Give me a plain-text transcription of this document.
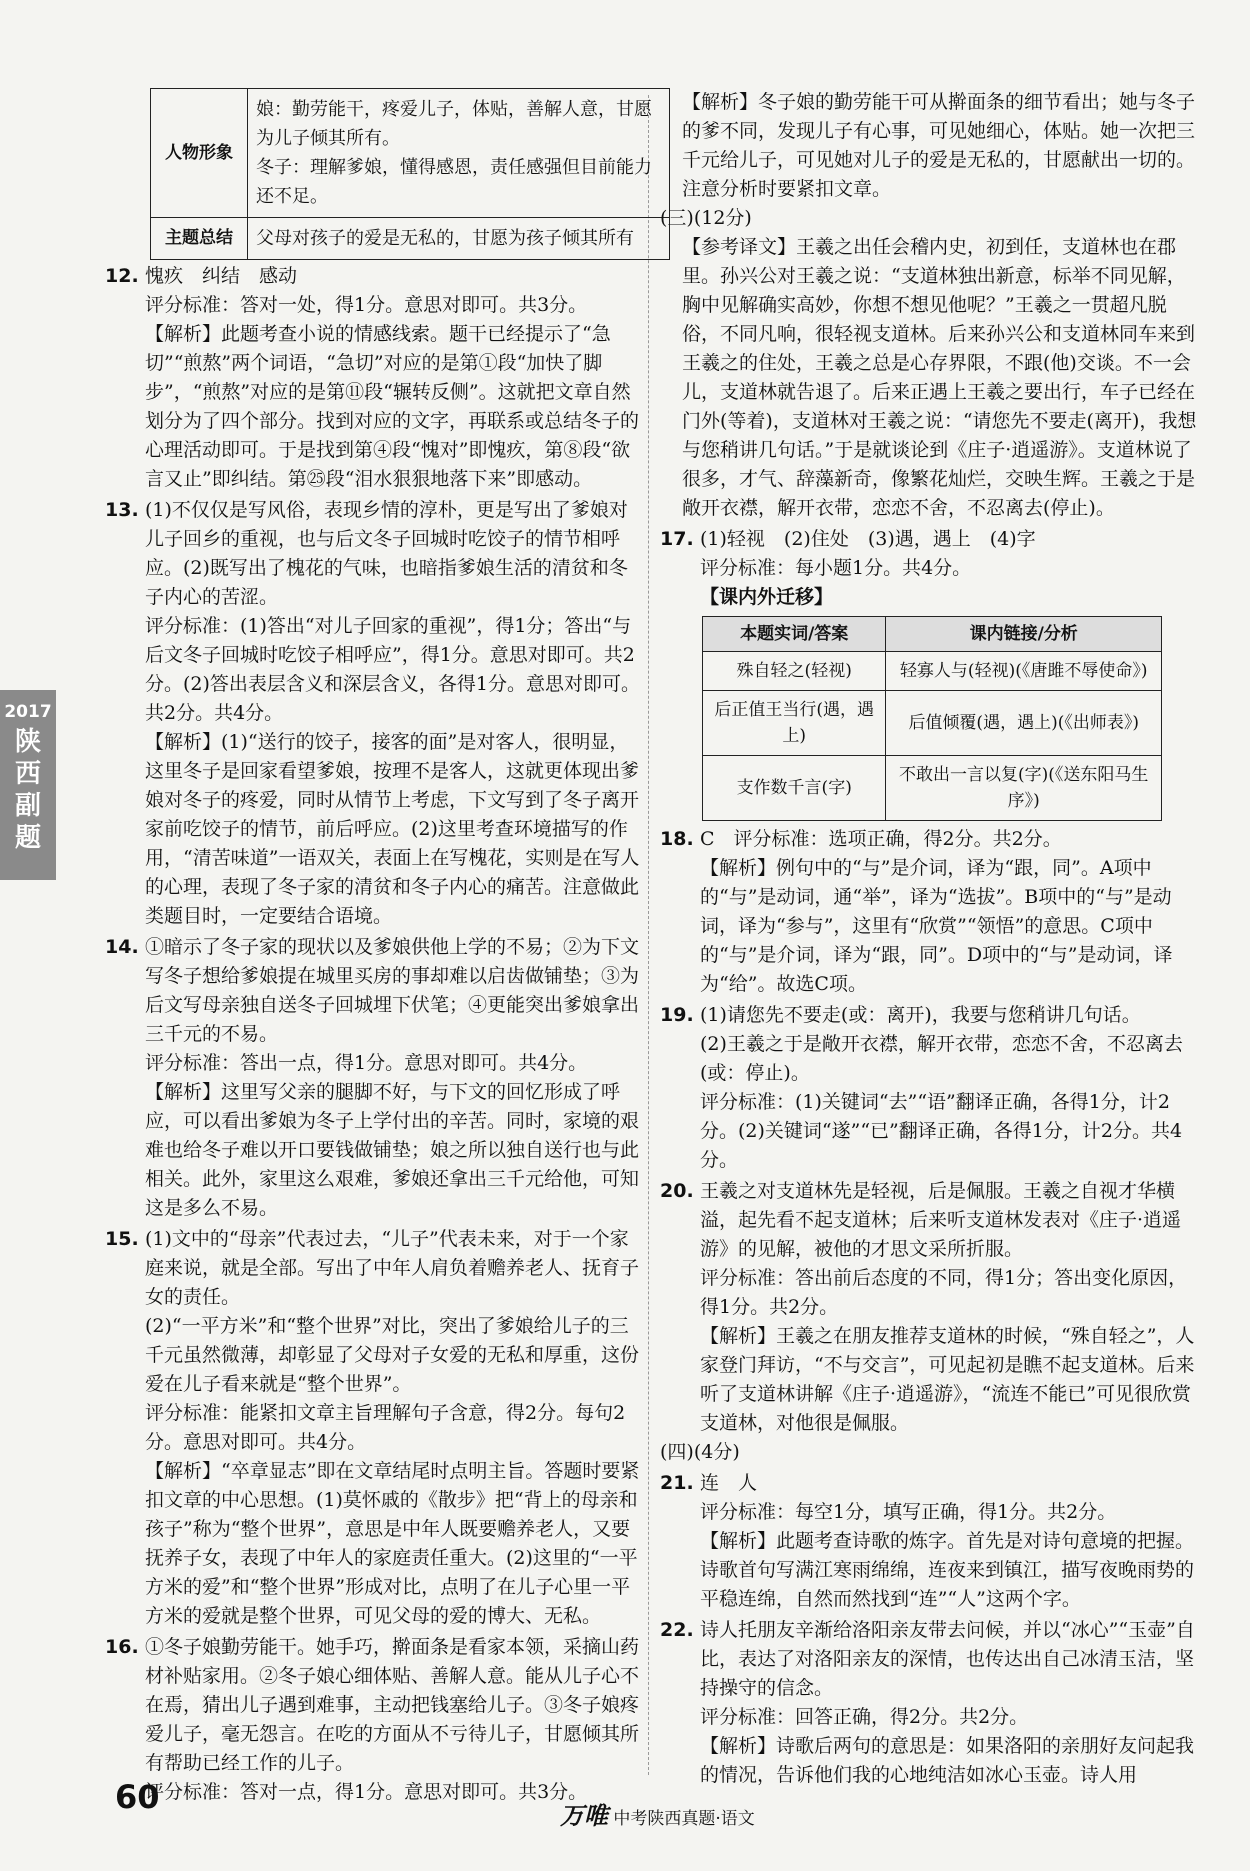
2017
陕
西
副
题
人物形象	娘：勤劳能干，疼爱儿子，体贴，善解人意，甘愿为儿子倾其所有。

冬子：理解爹娘，懂得感恩，责任感强但目前能力还不足。

主题总结	父母对孩子的爱是无私的，甘愿为孩子倾其所有
12. 愧疚　纠结　感动

评分标准：答对一处，得1分。意思对即可。共3分。

【解析】此题考查小说的情感线索。题干已经提示了“急切”“煎熬”两个词语，“急切”对应的是第①段“加快了脚步”，“煎熬”对应的是第⑪段“辗转反侧”。这就把文章自然划分为了四个部分。找到对应的文字，再联系或总结冬子的心理活动即可。于是找到第④段“愧对”即愧疚，第⑧段“欲言又止”即纠结。第㉕段“泪水狠狠地落下来”即感动。

13. (1)不仅仅是写风俗，表现乡情的淳朴，更是写出了爹娘对儿子回乡的重视，也与后文冬子回城时吃饺子的情节相呼应。(2)既写出了槐花的气味，也暗指爹娘生活的清贫和冬子内心的苦涩。

评分标准：(1)答出“对儿子回家的重视”，得1分；答出“与后文冬子回城时吃饺子相呼应”，得1分。意思对即可。共2分。(2)答出表层含义和深层含义，各得1分。意思对即可。共2分。共4分。

【解析】(1)“送行的饺子，接客的面”是对客人，很明显，这里冬子是回家看望爹娘，按理不是客人，这就更体现出爹娘对冬子的疼爱，同时从情节上考虑，下文写到了冬子离开家前吃饺子的情节，前后呼应。(2)这里考查环境描写的作用，“清苦味道”一语双关，表面上在写槐花，实则是在写人的心理，表现了冬子家的清贫和冬子内心的痛苦。注意做此类题目时，一定要结合语境。

14. ①暗示了冬子家的现状以及爹娘供他上学的不易；②为下文写冬子想给爹娘提在城里买房的事却难以启齿做铺垫；③为后文写母亲独自送冬子回城埋下伏笔；④更能突出爹娘拿出三千元的不易。

评分标准：答出一点，得1分。意思对即可。共4分。

【解析】这里写父亲的腿脚不好，与下文的回忆形成了呼应，可以看出爹娘为冬子上学付出的辛苦。同时，家境的艰难也给冬子难以开口要钱做铺垫；娘之所以独自送行也与此相关。此外，家里这么艰难，爹娘还拿出三千元给他，可知这是多么不易。

15. (1)文中的“母亲”代表过去，“儿子”代表未来，对于一个家庭来说，就是全部。写出了中年人肩负着赡养老人、抚育子女的责任。

(2)“一平方米”和“整个世界”对比，突出了爹娘给儿子的三千元虽然微薄，却彰显了父母对子女爱的无私和厚重，这份爱在儿子看来就是“整个世界”。

评分标准：能紧扣文章主旨理解句子含意，得2分。每句2分。意思对即可。共4分。

【解析】“卒章显志”即在文章结尾时点明主旨。答题时要紧扣文章的中心思想。(1)莫怀戚的《散步》把“背上的母亲和孩子”称为“整个世界”，意思是中年人既要赡养老人，又要抚养子女，表现了中年人的家庭责任重大。(2)这里的“一平方米的爱”和“整个世界”形成对比，点明了在儿子心里一平方米的爱就是整个世界，可见父母的爱的博大、无私。

16. ①冬子娘勤劳能干。她手巧，擀面条是看家本领，采摘山药材补贴家用。②冬子娘心细体贴、善解人意。能从儿子心不在焉，猜出儿子遇到难事，主动把钱塞给儿子。③冬子娘疼爱儿子，毫无怨言。在吃的方面从不亏待儿子，甘愿倾其所有帮助已经工作的儿子。

评分标准：答对一点，得1分。意思对即可。共3分。

【解析】冬子娘的勤劳能干可从擀面条的细节看出；她与冬子的爹不同，发现儿子有心事，可见她细心，体贴。她一次把三千元给儿子，可见她对儿子的爱是无私的，甘愿献出一切的。注意分析时要紧扣文章。

(三)(12分)

【参考译文】王羲之出任会稽内史，初到任，支道林也在郡里。孙兴公对王羲之说：“支道林独出新意，标举不同见解，胸中见解确实高妙，你想不想见他呢？”王羲之一贯超凡脱俗，不同凡响，很轻视支道林。后来孙兴公和支道林同车来到王羲之的住处，王羲之总是心存界限，不跟(他)交谈。不一会儿，支道林就告退了。后来正遇上王羲之要出行，车子已经在门外(等着)，支道林对王羲之说：“请您先不要走(离开)，我想与您稍讲几句话。”于是就谈论到《庄子·逍遥游》。支道林说了很多，才气、辞藻新奇，像繁花灿烂，交映生辉。王羲之于是敞开衣襟，解开衣带，恋恋不舍，不忍离去(停止)。

17. (1)轻视　(2)住处　(3)遇，遇上　(4)字

评分标准：每小题1分。共4分。

【课内外迁移】

本题实词/答案	课内链接/分析
殊自轻之(轻视)	轻寡人与(轻视)(《唐雎不辱使命》)
后正值王当行(遇，遇上)	后值倾覆(遇，遇上)(《出师表》)
支作数千言(字)	不敢出一言以复(字)(《送东阳马生序》)
18. C　评分标准：选项正确，得2分。共2分。

【解析】例句中的“与”是介词，译为“跟，同”。A项中的“与”是动词，通“举”，译为“选拔”。B项中的“与”是动词，译为“参与”，这里有“欣赏”“领悟”的意思。C项中的“与”是介词，译为“跟，同”。D项中的“与”是动词，译为“给”。故选C项。

19. (1)请您先不要走(或：离开)，我要与您稍讲几句话。

(2)王羲之于是敞开衣襟，解开衣带，恋恋不舍，不忍离去(或：停止)。

评分标准：(1)关键词“去”“语”翻译正确，各得1分，计2分。(2)关键词“遂”“已”翻译正确，各得1分，计2分。共4分。

20. 王羲之对支道林先是轻视，后是佩服。王羲之自视才华横溢，起先看不起支道林；后来听支道林发表对《庄子·逍遥游》的见解，被他的才思文采所折服。

评分标准：答出前后态度的不同，得1分；答出变化原因，得1分。共2分。

【解析】王羲之在朋友推荐支道林的时候，“殊自轻之”，人家登门拜访，“不与交言”，可见起初是瞧不起支道林。后来听了支道林讲解《庄子·逍遥游》，“流连不能已”可见很欣赏支道林，对他很是佩服。

(四)(4分)

21. 连　人

评分标准：每空1分，填写正确，得1分。共2分。

【解析】此题考查诗歌的炼字。首先是对诗句意境的把握。诗歌首句写满江寒雨绵绵，连夜来到镇江，描写夜晚雨势的平稳连绵，自然而然找到“连”“人”这两个字。

22. 诗人托朋友辛渐给洛阳亲友带去问候，并以“冰心”“玉壶”自比，表达了对洛阳亲友的深情，也传达出自己冰清玉洁，坚持操守的信念。

评分标准：回答正确，得2分。共2分。

【解析】诗歌后两句的意思是：如果洛阳的亲朋好友问起我的情况，告诉他们我的心地纯洁如冰心玉壶。诗人用

60	万唯 中考陕西真题·语文
